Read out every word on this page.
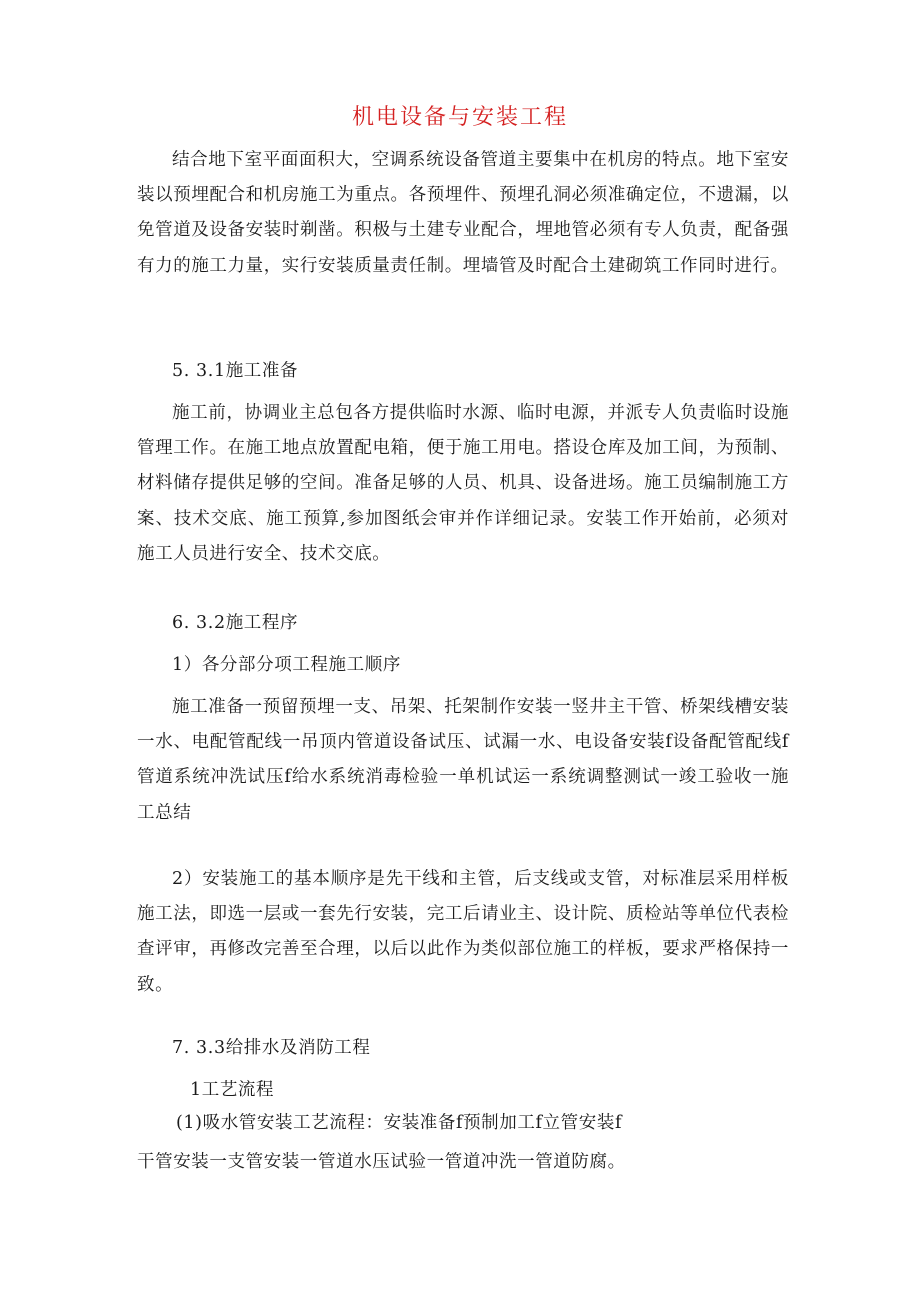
机电设备与安装工程

结合地下室平面面积大，空调系统设备管道主要集中在机房的特点。地下室安装以预埋配合和机房施工为重点。各预埋件、预埋孔洞必须准确定位，不遗漏，以免管道及设备安装时剃凿。积极与土建专业配合，埋地管必须有专人负责，配备强有力的施工力量，实行安装质量责任制。埋墙管及时配合土建砌筑工作同时进行。

5. 3.1施工准备

施工前，协调业主总包各方提供临时水源、临时电源，并派专人负责临时设施管理工作。在施工地点放置配电箱，便于施工用电。搭设仓库及加工间，为预制、材料储存提供足够的空间。准备足够的人员、机具、设备进场。施工员编制施工方案、技术交底、施工预算,参加图纸会审并作详细记录。安装工作开始前，必须对施工人员进行安全、技术交底。

6. 3.2施工程序
1）各分部分项工程施工顺序

施工准备一预留预埋一支、吊架、托架制作安装一竖井主干管、桥架线槽安装一水、电配管配线一吊顶内管道设备试压、试漏一水、电设备安装f设备配管配线f管道系统冲洗试压f给水系统消毒检验一单机试运一系统调整测试一竣工验收一施工总结

2）安装施工的基本顺序是先干线和主管，后支线或支管，对标准层采用样板施工法，即选一层或一套先行安装，完工后请业主、设计院、质检站等单位代表检查评审，再修改完善至合理，以后以此作为类似部位施工的样板，要求严格保持一致。

7. 3.3给排水及消防工程
1工艺流程
(1)吸水管安装工艺流程：安装准备f预制加工f立管安装f
干管安装一支管安装一管道水压试验一管道冲洗一管道防腐。
